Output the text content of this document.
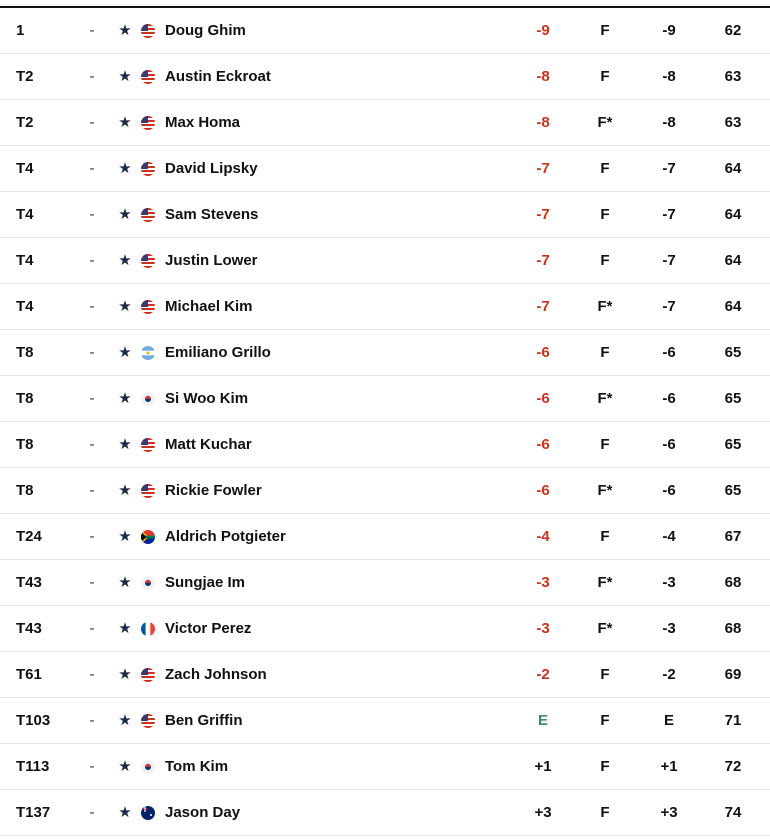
1	- ★ Doug Ghim	-9	F	-9	62
T2	- ★ Austin Eckroat	-8	F	-8	63
T2	- ★ Max Homa	-8	F*	-8	63
T4	- ★ David Lipsky	-7	F	-7	64
T4	- ★ Sam Stevens	-7	F	-7	64
T4	- ★ Justin Lower	-7	F	-7	64
T4	- ★ Michael Kim	-7	F*	-7	64
T8	- ★ Emiliano Grillo	-6	F	-6	65
T8	- ★ Si Woo Kim	-6	F*	-6	65
T8	- ★ Matt Kuchar	-6	F	-6	65
T8	- ★ Rickie Fowler	-6	F*	-6	65
T24	- ★ Aldrich Potgieter	-4	F	-4	67
T43	- ★ Sungjae Im	-3	F*	-3	68
T43	- ★ Victor Perez	-3	F*	-3	68
T61	- ★ Zach Johnson	-2	F	-2	69
T103	- ★ Ben Griffin	E	F	E	71
T113	- ★ Tom Kim	+1	F	+1	72
T137	- ★ Jason Day	+3	F	+3	74
